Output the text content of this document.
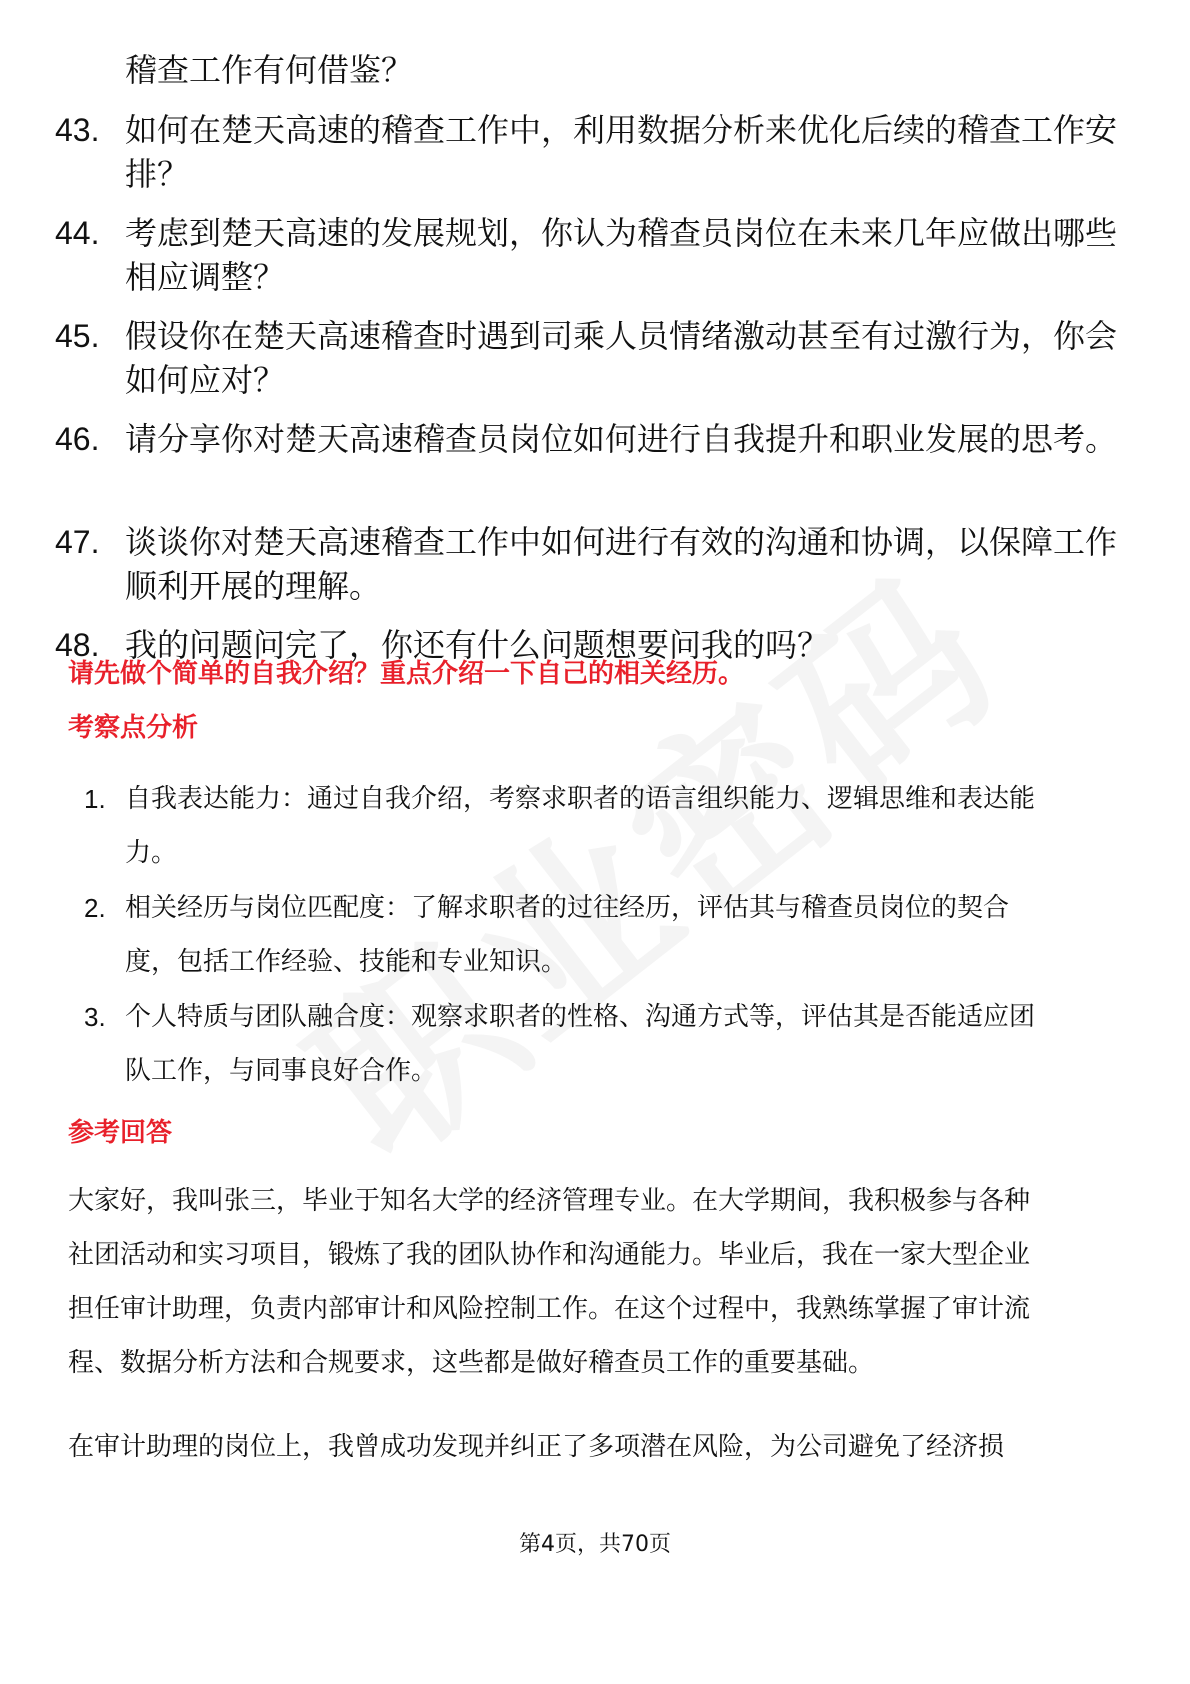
稽查工作有何借鉴？
43. 如何在楚天高速的稽查工作中，利用数据分析来优化后续的稽查工作安排？
44. 考虑到楚天高速的发展规划，你认为稽查员岗位在未来几年应做出哪些相应调整？
45. 假设你在楚天高速稽查时遇到司乘人员情绪激动甚至有过激行为，你会如何应对？
46. 请分享你对楚天高速稽查员岗位如何进行自我提升和职业发展的思考。
47. 谈谈你对楚天高速稽查工作中如何进行有效的沟通和协调，以保障工作顺利开展的理解。
48. 我的问题问完了，你还有什么问题想要问我的吗？
请先做个简单的自我介绍？重点介绍一下自己的相关经历。
考察点分析
1. 自我表达能力：通过自我介绍，考察求职者的语言组织能力、逻辑思维和表达能力。
2. 相关经历与岗位匹配度：了解求职者的过往经历，评估其与稽查员岗位的契合度，包括工作经验、技能和专业知识。
3. 个人特质与团队融合度：观察求职者的性格、沟通方式等，评估其是否能适应团队工作，与同事良好合作。
参考回答
大家好，我叫张三，毕业于知名大学的经济管理专业。在大学期间，我积极参与各种社团活动和实习项目，锻炼了我的团队协作和沟通能力。毕业后，我在一家大型企业担任审计助理，负责内部审计和风险控制工作。在这个过程中，我熟练掌握了审计流程、数据分析方法和合规要求，这些都是做好稽查员工作的重要基础。
在审计助理的岗位上，我曾成功发现并纠正了多项潜在风险，为公司避免了经济损
第4页，共70页
